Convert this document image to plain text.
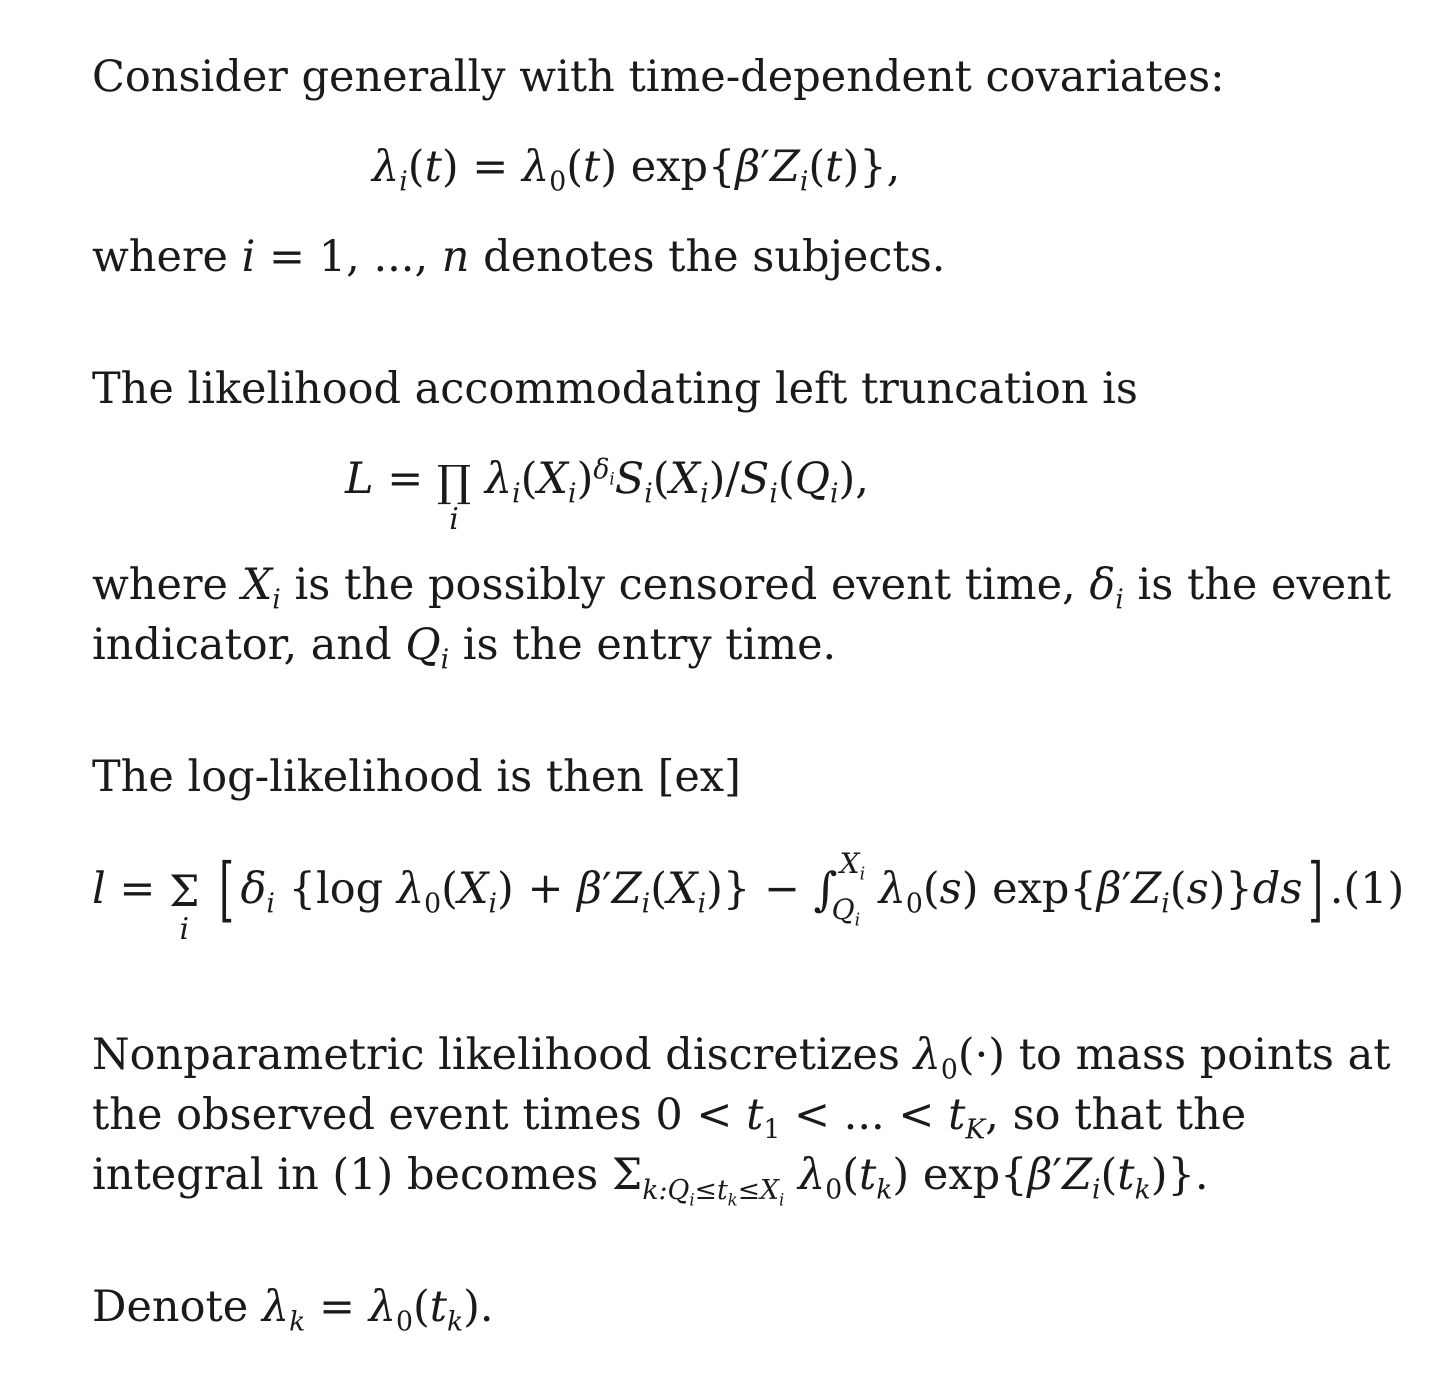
Consider generally with time-dependent covariates:
$\lambda_i(t) = \lambda_0(t)$ $\exp\{\beta'Z_i(t)\}$,
where i = 1, ..., n denotes the subjects.
The likelihood accommodating left truncation is
L = ∏
i
$\lambda_i(X_i)^{\delta_i}S_i(X_i)/S_i(Q_i)$,
where $X_i$ is the possibly censored event time, $\delta_i$ is the event
indicator, and $Q_i$ is the entry time.
The log-likelihood is then [ex]
l = Σ
i [ $\delta_i$ {log $\lambda_0(X_i) + \beta'Z_i(X_i)$} − ∫ $X_i$
$Q_i$
$\lambda_0(s)$ $\exp\{\beta'Z_i(s)\}ds$] .(1)
Nonparametric likelihood discretizes $\lambda_0(\cdot)$ to mass points at
the observed event times $0 < t_1$ < ... < $t_K$, so that the
integral in (1) becomes $\Sigma_{k:Q_i\le t_k\le X_i}$ $\lambda_0(t_k)$ $\exp\{\beta'Z_i(t_k)\}$.
Denote $\lambda_k = \lambda_0(t_k)$.
